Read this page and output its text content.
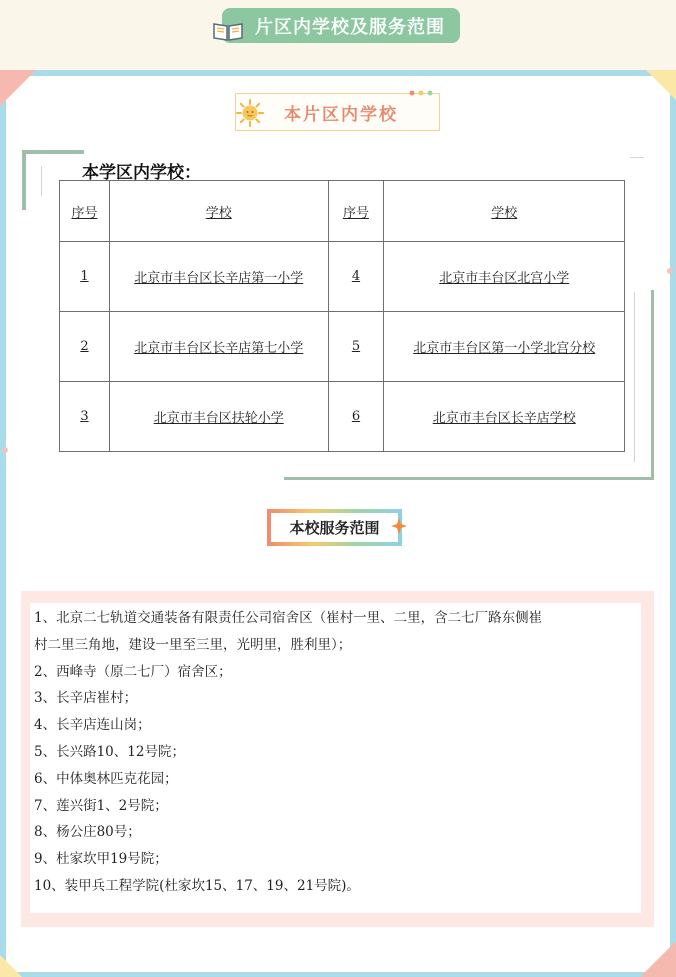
片区内学校及服务范围
本片区内学校
本学区内学校：
序号	学校	序号	学校
1	北京市丰台区长辛店第一小学	4	北京市丰台区北宫小学
2	北京市丰台区长辛店第七小学	5	北京市丰台区第一小学北宫分校
3	北京市丰台区扶轮小学	6	北京市丰台区长辛店学校
本校服务范围
1、北京二七轨道交通装备有限责任公司宿舍区（崔村一里、二里，含二七厂路东侧崔
村二里三角地，建设一里至三里，光明里，胜利里）；
2、西峰寺（原二七厂）宿舍区；
3、长辛店崔村；
4、长辛店连山岗；
5、长兴路10、12号院；
6、中体奥林匹克花园；
7、莲兴街1、2号院；
8、杨公庄80号；
9、杜家坎甲19号院；
10、装甲兵工程学院(杜家坎15、17、19、21号院)。
